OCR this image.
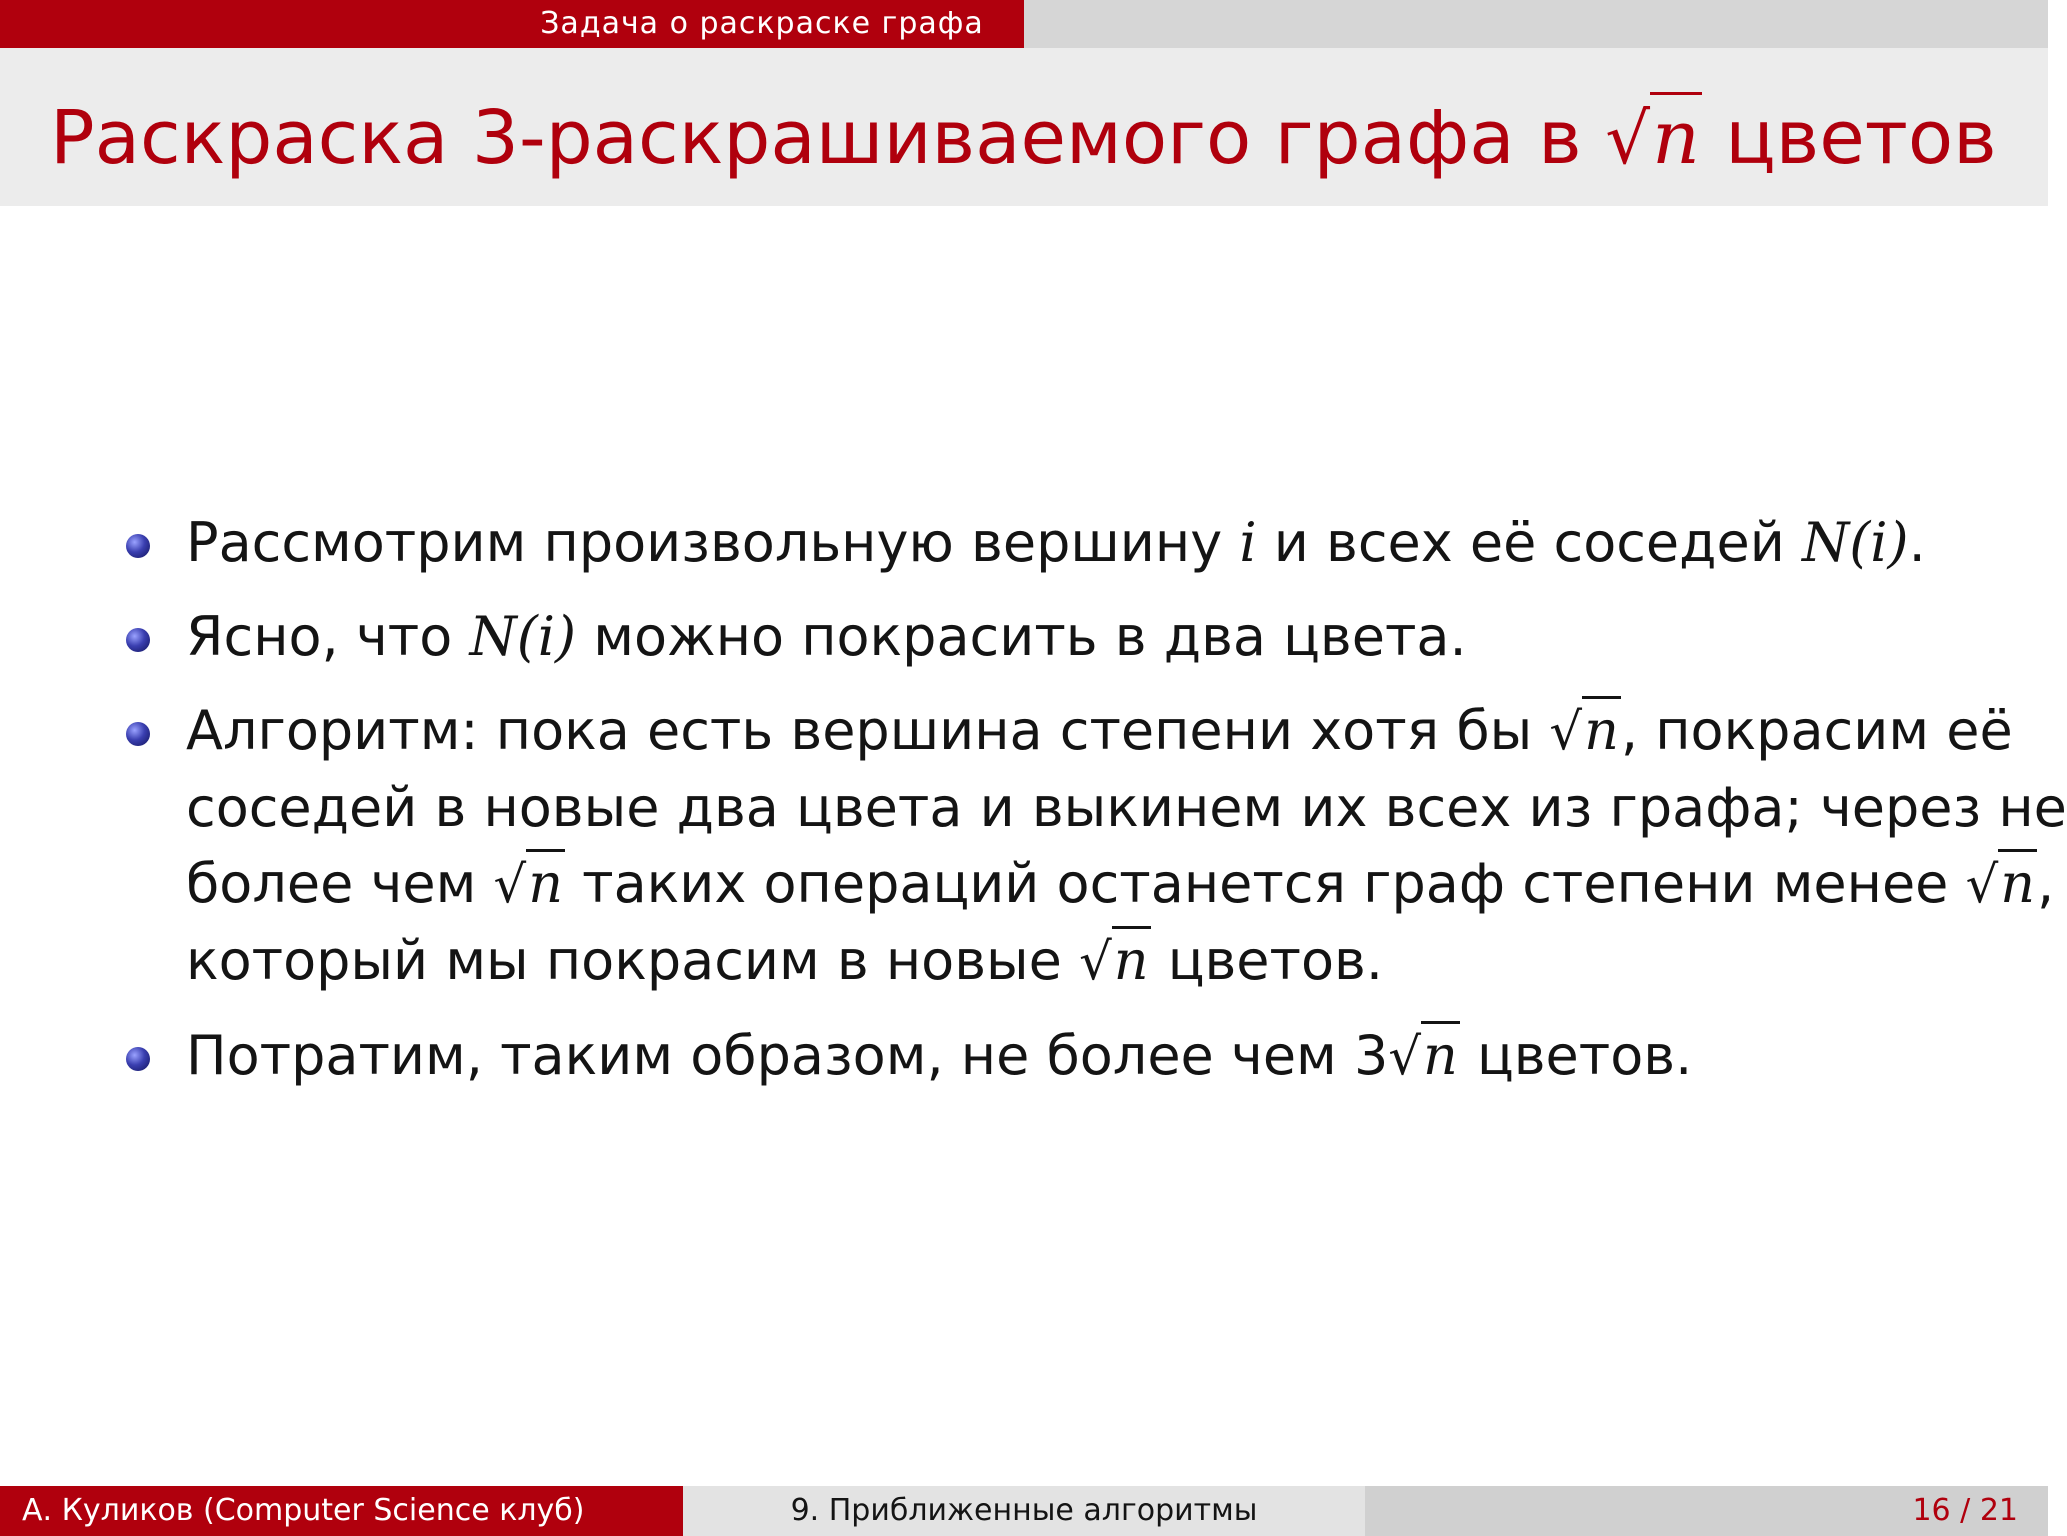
Задача о раскраске графа
Раскраска 3-раскрашиваемого графа в √n цветов
Рассмотрим произвольную вершину i и всех её соседей N(i).
Ясно, что N(i) можно покрасить в два цвета.
Алгоритм: пока есть вершина степени хотя бы √n, покрасим её
соседей в новые два цвета и выкинем их всех из графа; через не
более чем √n таких операций останется граф степени менее √n,
который мы покрасим в новые √n цветов.
Потратим, таким образом, не более чем 3√n цветов.
А. Куликов (Computer Science клуб)	9. Приближенные алгоритмы	16 / 21
